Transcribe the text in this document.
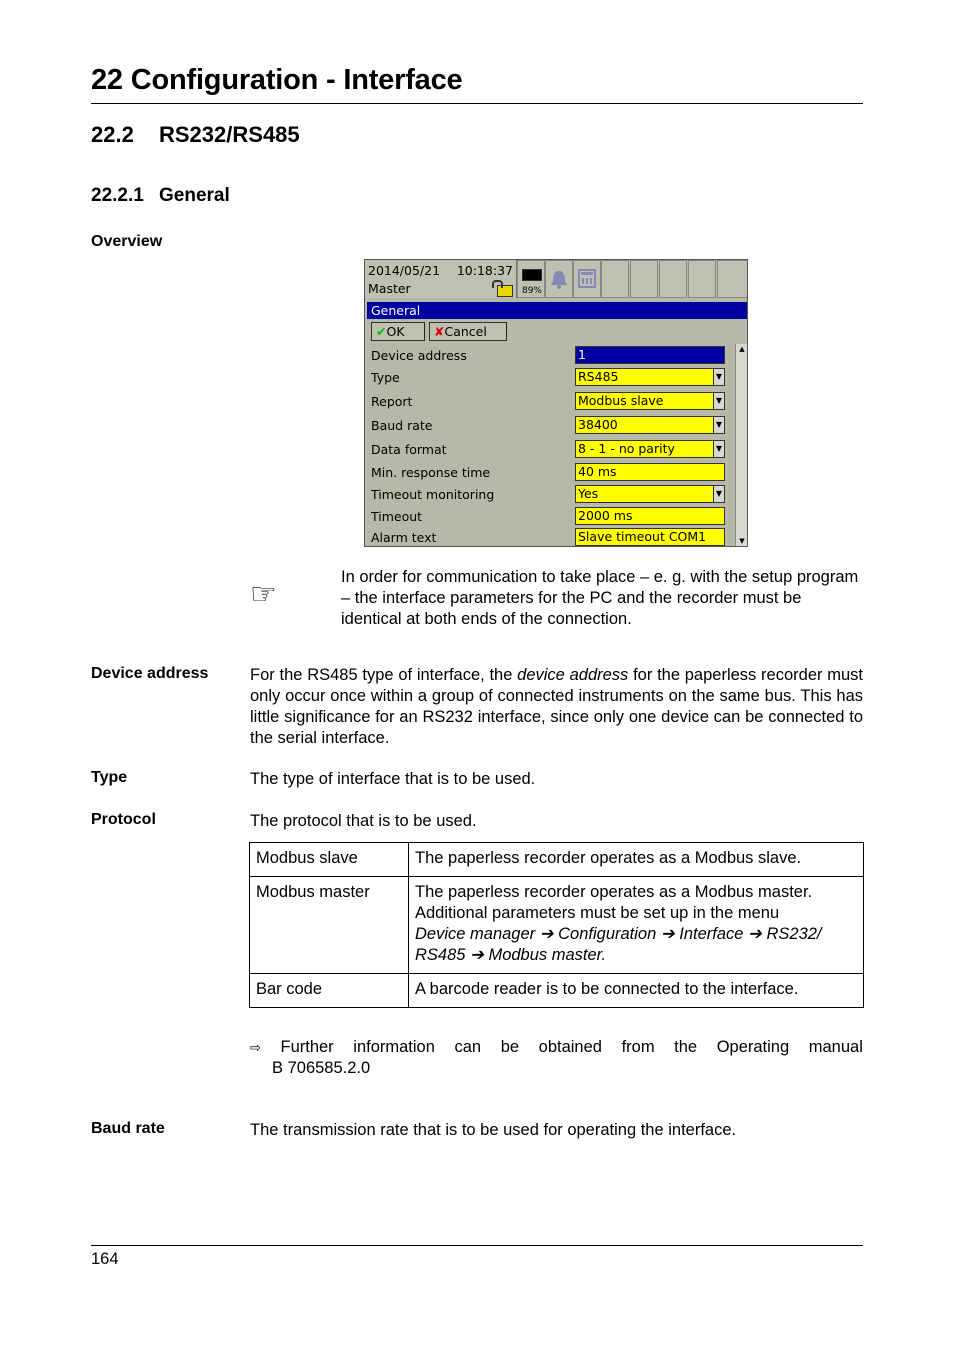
22 Configuration - Interface
22.2 RS232/RS485
22.2.1 General
Overview
2014/05/21 10:18:37
Master	89%
General
✔OK	✘Cancel
Device address	1
Type	RS485	▼
Report	Modbus slave	▼
Baud rate	38400	▼
Data format	8 - 1 - no parity	▼
Min. response time	40 ms
Timeout monitoring	Yes	▼
Timeout	2000 ms
Alarm text	Slave timeout COM1
▲
▼
☞
In order for communication to take place – e. g. with the setup program – the interface parameters for the PC and the recorder must be identical at both ends of the connection.
Device address	For the RS485 type of interface, the device address for the paperless recorder must only occur once within a group of connected instruments on the same bus. This has little significance for an RS232 interface, since only one device can be connected to the serial interface.
Type	The type of interface that is to be used.
Protocol	The protocol that is to be used.
Modbus slave	The paperless recorder operates as a Modbus slave.
Modbus master	The paperless recorder operates as a Modbus master. Additional parameters must be set up in the menu
Device manager ➔ Configuration ➔ Interface ➔ RS232/ RS485 ➔ Modbus master.
Bar code	A barcode reader is to be connected to the interface.
⇨ Further information can be obtained from the Operating manual
B 706585.2.0
Baud rate	The transmission rate that is to be used for operating the interface.
164
